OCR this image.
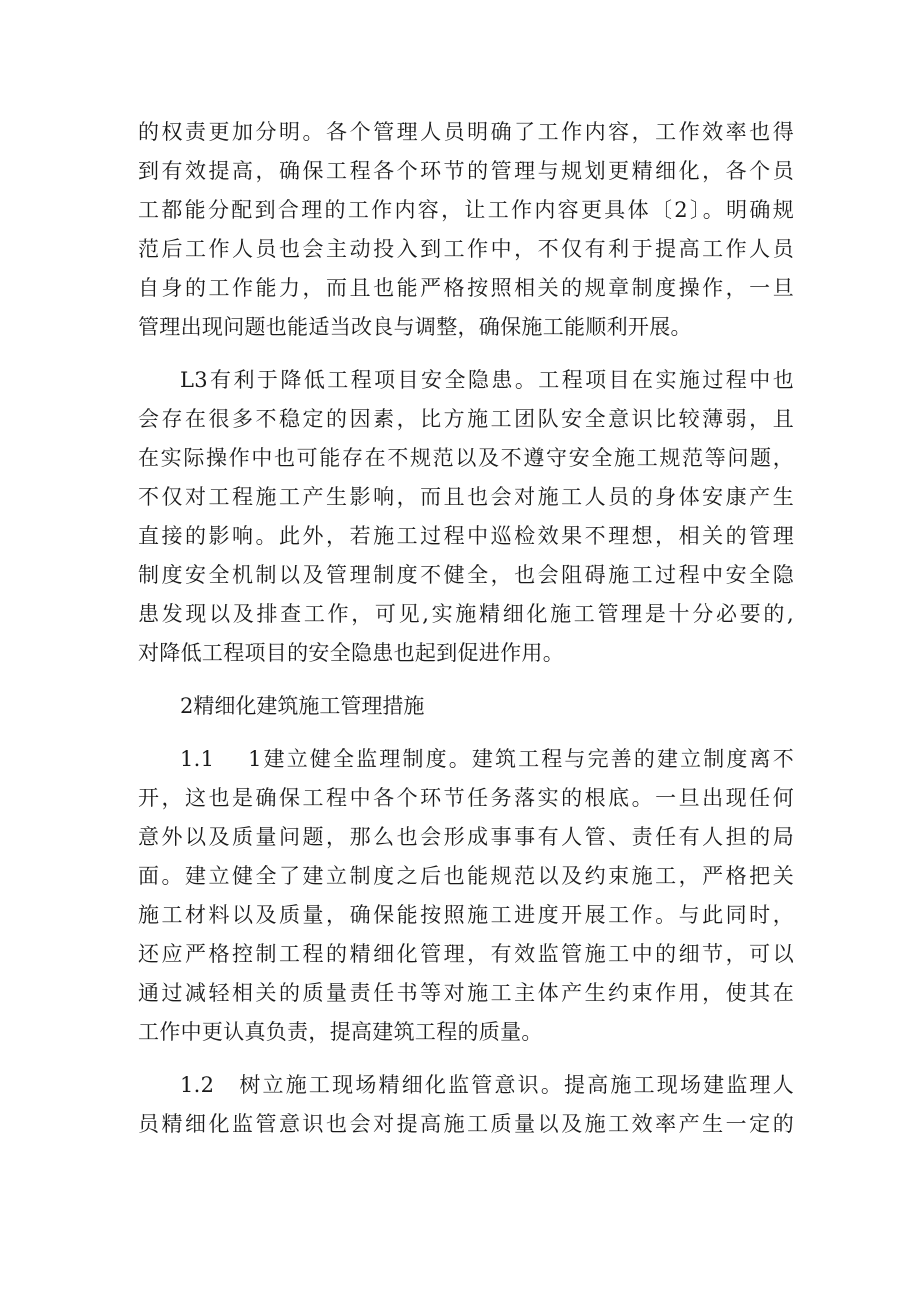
的权责更加分明。各个管理人员明确了工作内容，工作效率也得
到有效提高，确保工程各个环节的管理与规划更精细化，各个员
工都能分配到合理的工作内容，让工作内容更具体〔2〕。明确规
范后工作人员也会主动投入到工作中，不仅有利于提高工作人员
自身的工作能力，而且也能严格按照相关的规章制度操作，一旦
管理出现问题也能适当改良与调整，确保施工能顺利开展。
L3有利于降低工程项目安全隐患。工程项目在实施过程中也
会存在很多不稳定的因素，比方施工团队安全意识比较薄弱，且
在实际操作中也可能存在不规范以及不遵守安全施工规范等问题，
不仅对工程施工产生影响，而且也会对施工人员的身体安康产生
直接的影响。此外，若施工过程中巡检效果不理想，相关的管理
制度安全机制以及管理制度不健全，也会阻碍施工过程中安全隐
患发现以及排查工作，可见,实施精细化施工管理是十分必要的,
对降低工程项目的安全隐患也起到促进作用。
2精细化建筑施工管理措施
1.1　 1建立健全监理制度。建筑工程与完善的建立制度离不
开，这也是确保工程中各个环节任务落实的根底。一旦出现任何
意外以及质量问题，那么也会形成事事有人管、责任有人担的局
面。建立健全了建立制度之后也能规范以及约束施工，严格把关
施工材料以及质量，确保能按照施工进度开展工作。与此同时，
还应严格控制工程的精细化管理，有效监管施工中的细节，可以
通过减轻相关的质量责任书等对施工主体产生约束作用，使其在
工作中更认真负责，提高建筑工程的质量。
1.2　树立施工现场精细化监管意识。提高施工现场建监理人
员精细化监管意识也会对提高施工质量以及施工效率产生一定的
